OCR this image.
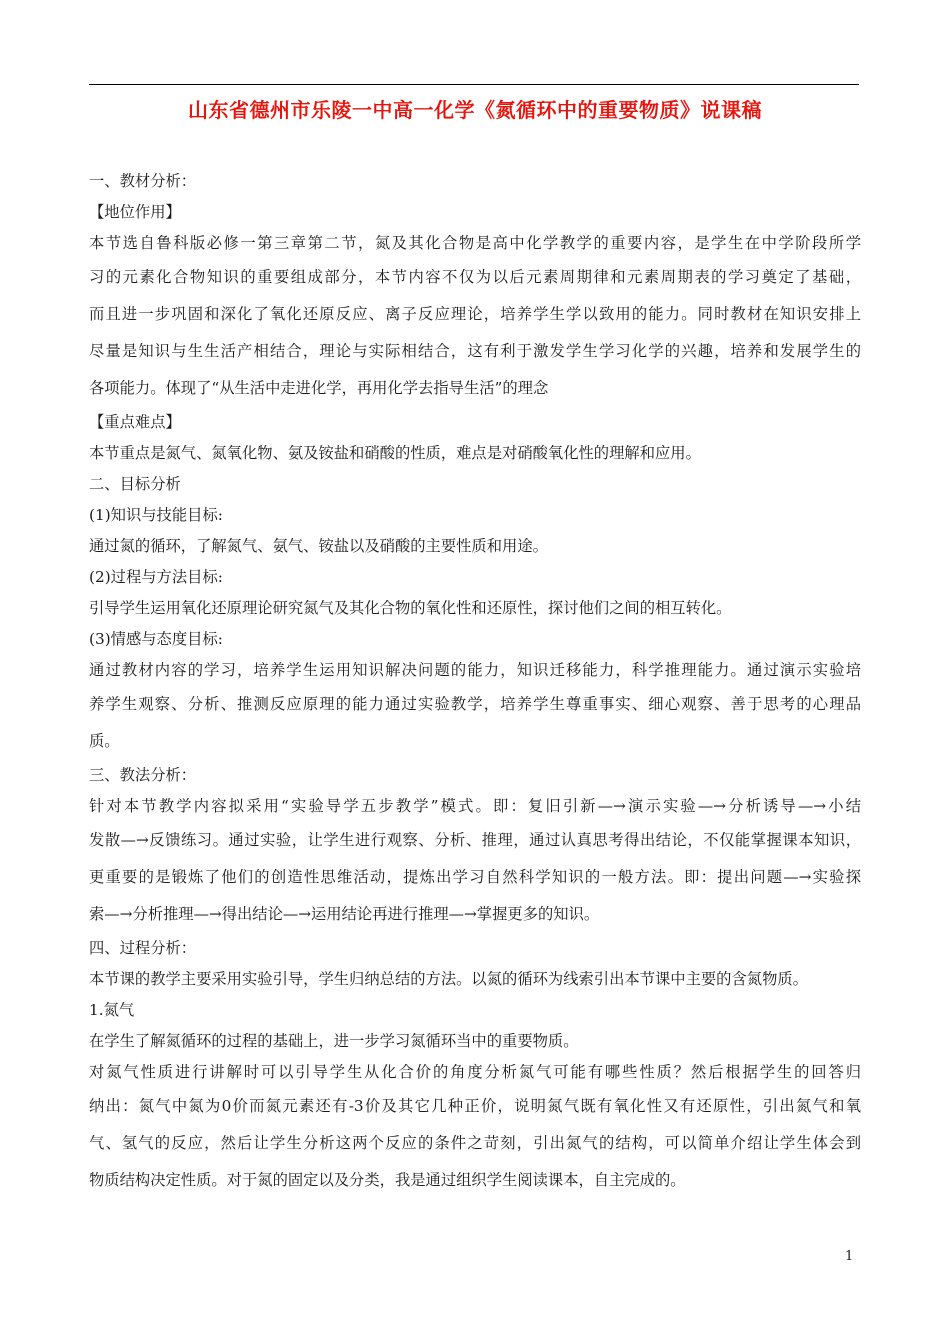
山东省德州市乐陵一中高一化学《氮循环中的重要物质》说课稿
一、教材分析：
【地位作用】
本节选自鲁科版必修一第三章第二节，氮及其化合物是高中化学教学的重要内容，是学生在中学阶段所学
习的元素化合物知识的重要组成部分，本节内容不仅为以后元素周期律和元素周期表的学习奠定了基础，
而且进一步巩固和深化了氧化还原反应、离子反应理论，培养学生学以致用的能力。同时教材在知识安排上
尽量是知识与生生活产相结合，理论与实际相结合，这有利于激发学生学习化学的兴趣，培养和发展学生的
各项能力。体现了“从生活中走进化学，再用化学去指导生活”的理念
【重点难点】
本节重点是氮气、氮氧化物、氨及铵盐和硝酸的性质，难点是对硝酸氧化性的理解和应用。
二、目标分析
(1)知识与技能目标:
通过氮的循环，了解氮气、氨气、铵盐以及硝酸的主要性质和用途。
(2)过程与方法目标:
引导学生运用氧化还原理论研究氮气及其化合物的氧化性和还原性，探讨他们之间的相互转化。
(3)情感与态度目标:
通过教材内容的学习，培养学生运用知识解决问题的能力，知识迁移能力，科学推理能力。通过演示实验培
养学生观察、分析、推测反应原理的能力通过实验教学，培养学生尊重事实、细心观察、善于思考的心理品
质。
三、教法分析：
针对本节教学内容拟采用“实验导学五步教学”模式。即：复旧引新—→演示实验—→分析诱导—→小结
发散—→反馈练习。通过实验，让学生进行观察、分析、推理，通过认真思考得出结论，不仅能掌握课本知识，
更重要的是锻炼了他们的创造性思维活动，提炼出学习自然科学知识的一般方法。即：提出问题—→实验探
索—→分析推理—→得出结论—→运用结论再进行推理—→掌握更多的知识。
四、过程分析：
本节课的教学主要采用实验引导，学生归纳总结的方法。以氮的循环为线索引出本节课中主要的含氮物质。
1.氮气
在学生了解氮循环的过程的基础上，进一步学习氮循环当中的重要物质。
对氮气性质进行讲解时可以引导学生从化合价的角度分析氮气可能有哪些性质？然后根据学生的回答归
纳出：氮气中氮为0价而氮元素还有-3价及其它几种正价，说明氮气既有氧化性又有还原性，引出氮气和氧
气、氢气的反应，然后让学生分析这两个反应的条件之苛刻，引出氮气的结构，可以简单介绍让学生体会到
物质结构决定性质。对于氮的固定以及分类，我是通过组织学生阅读课本，自主完成的。
1
